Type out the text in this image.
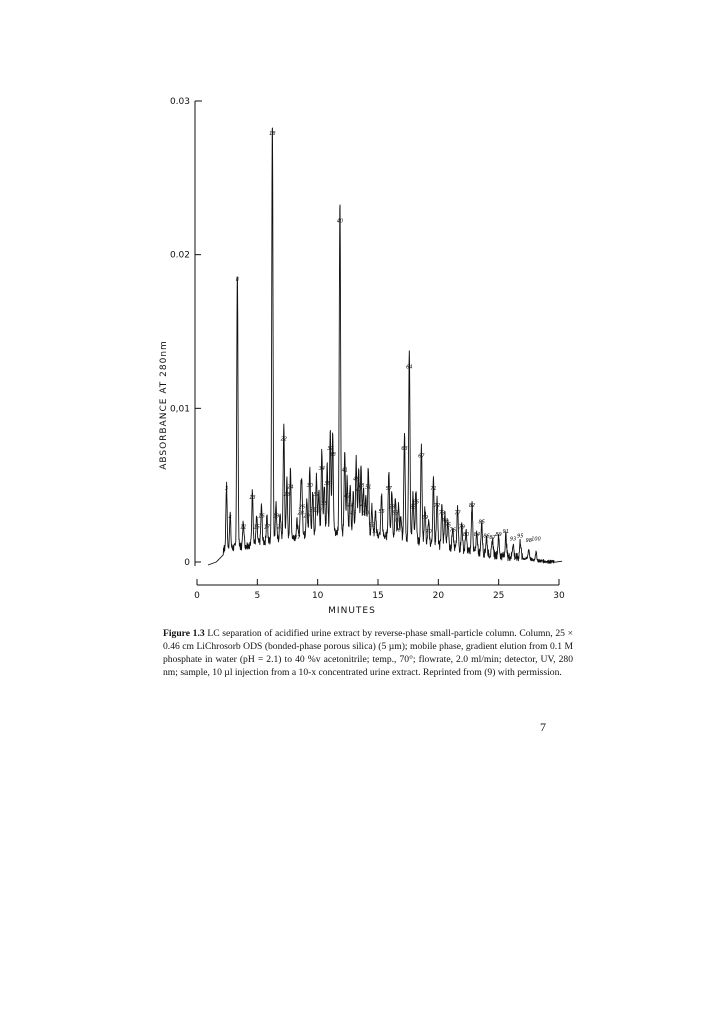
0
0,01
0.02
0.03
0	5	10	15	20	25	30
3
4
8
11
13
15
16
17
18
19
20
22
23
24
26
27
28
29
30
31
32
33
34
35
36
37
38
40
41
42
44
45
46
47
48
49
50
51
52
53
55
57
58
59
60
61
63
64
65
66
67
69
70
71
72
73
74
75
76
77
79
80
82
84
85
86 87
89
91
93
95
98 100
ABSORBANCE AT 280nm
MINUTES
Figure 1.3 LC separation of acidified urine extract by reverse-phase small-particle column. Column, 25 × 0.46 cm LiChrosorb ODS (bonded-phase porous silica) (5 µm); mobile phase, gradient elution from 0.1 M phosphate in water (pH = 2.1) to 40 %v acetonitrile; temp., 70°; flowrate, 2.0 ml/min; detector, UV, 280 nm; sample, 10 µl injection from a 10-x concentrated urine extract. Reprinted from (9) with permission.
7
